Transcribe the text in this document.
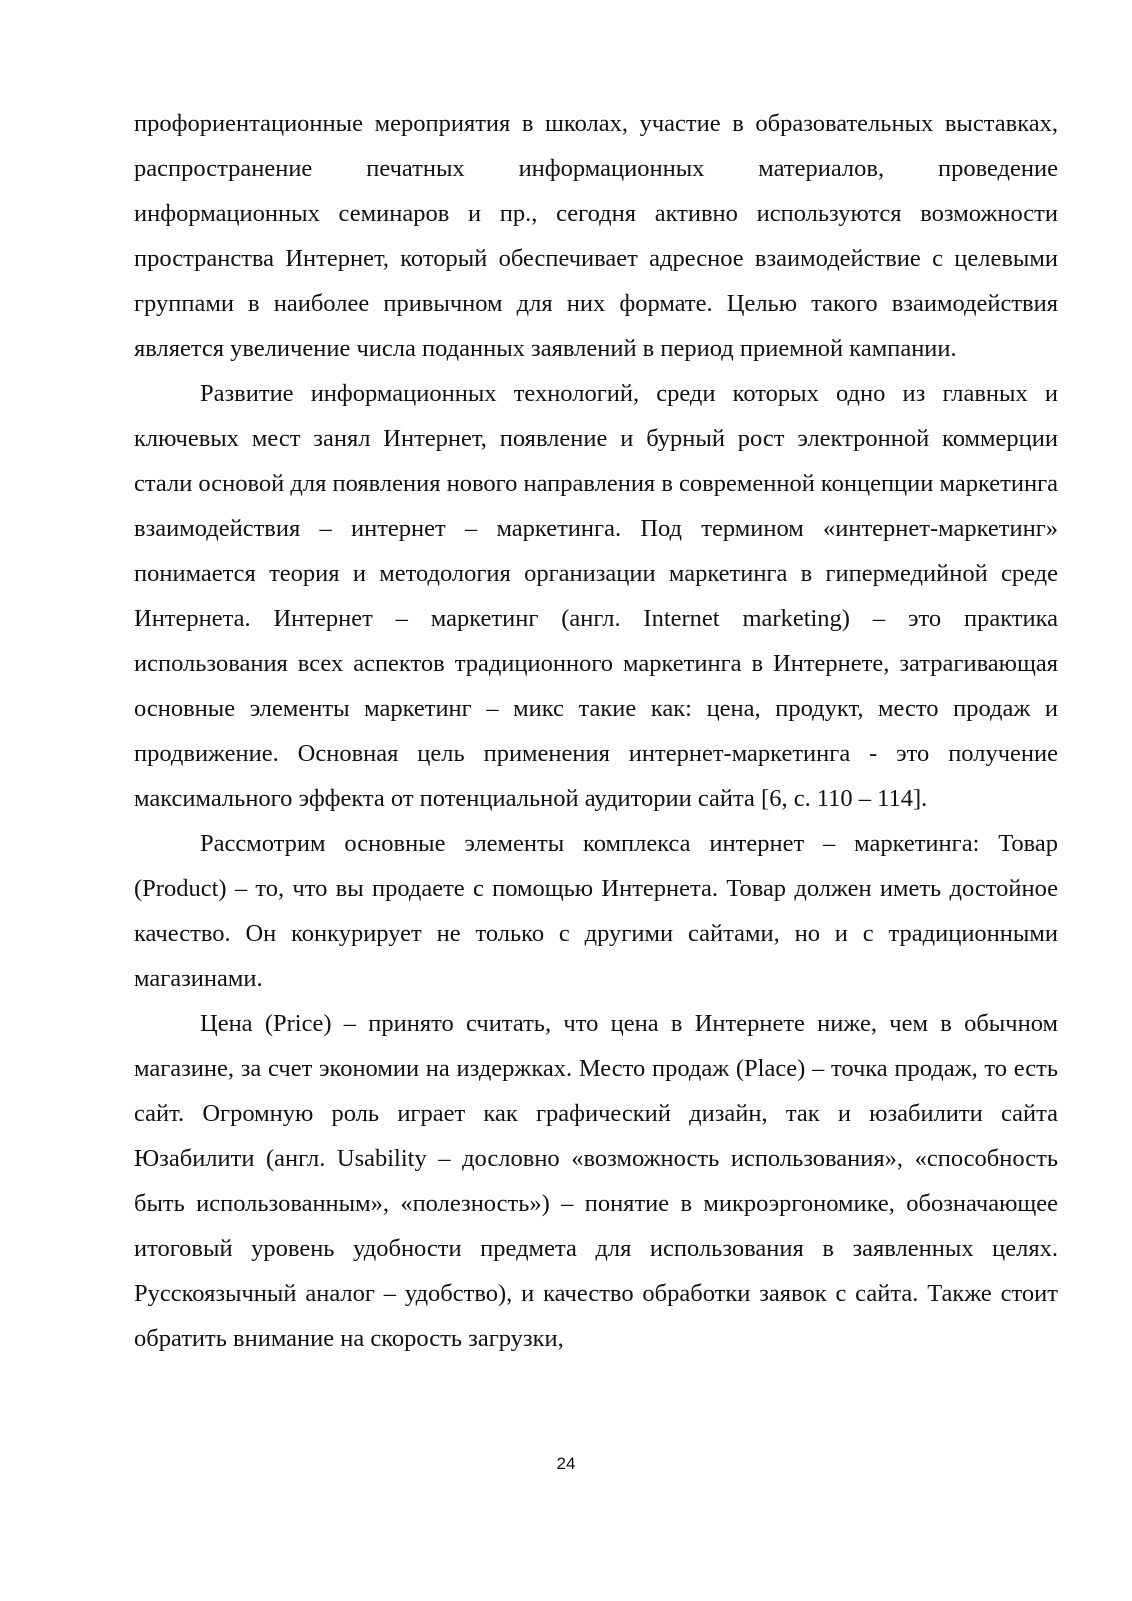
профориентационные мероприятия в школах, участие в образовательных выставках, распространение печатных информационных материалов, проведение информационных семинаров и пр., сегодня активно используются возможности пространства Интернет, который обеспечивает адресное взаимодействие с целевыми группами в наиболее привычном для них формате. Целью такого взаимодействия является увеличение числа поданных заявлений в период приемной кампании.

Развитие информационных технологий, среди которых одно из главных и ключевых мест занял Интернет, появление и бурный рост электронной коммерции стали основой для появления нового направления в современной концепции маркетинга взаимодействия – интернет – маркетинга. Под термином «интернет-маркетинг» понимается теория и методология организации маркетинга в гипермедийной среде Интернета. Интернет – маркетинг (англ. Internet marketing) – это практика использования всех аспектов традиционного маркетинга в Интернете, затрагивающая основные элементы маркетинг – микс такие как: цена, продукт, место продаж и продвижение. Основная цель применения интернет-маркетинга - это получение максимального эффекта от потенциальной аудитории сайта [6, с. 110 – 114].

Рассмотрим основные элементы комплекса интернет – маркетинга: Товар (Product) – то, что вы продаете с помощью Интернета. Товар должен иметь достойное качество. Он конкурирует не только с другими сайтами, но и с традиционными магазинами.

Цена (Price) – принято считать, что цена в Интернете ниже, чем в обычном магазине, за счет экономии на издержках. Место продаж (Place) – точка продаж, то есть сайт. Огромную роль играет как графический дизайн, так и юзабилити сайта Юзабилити (англ. Usability – дословно «возможность использования», «способность быть использованным», «полезность») – понятие в микроэргономике, обозначающее итоговый уровень удобности предмета для использования в заявленных целях. Русскоязычный аналог – удобство), и качество обработки заявок с сайта. Также стоит обратить внимание на скорость загрузки,

24
